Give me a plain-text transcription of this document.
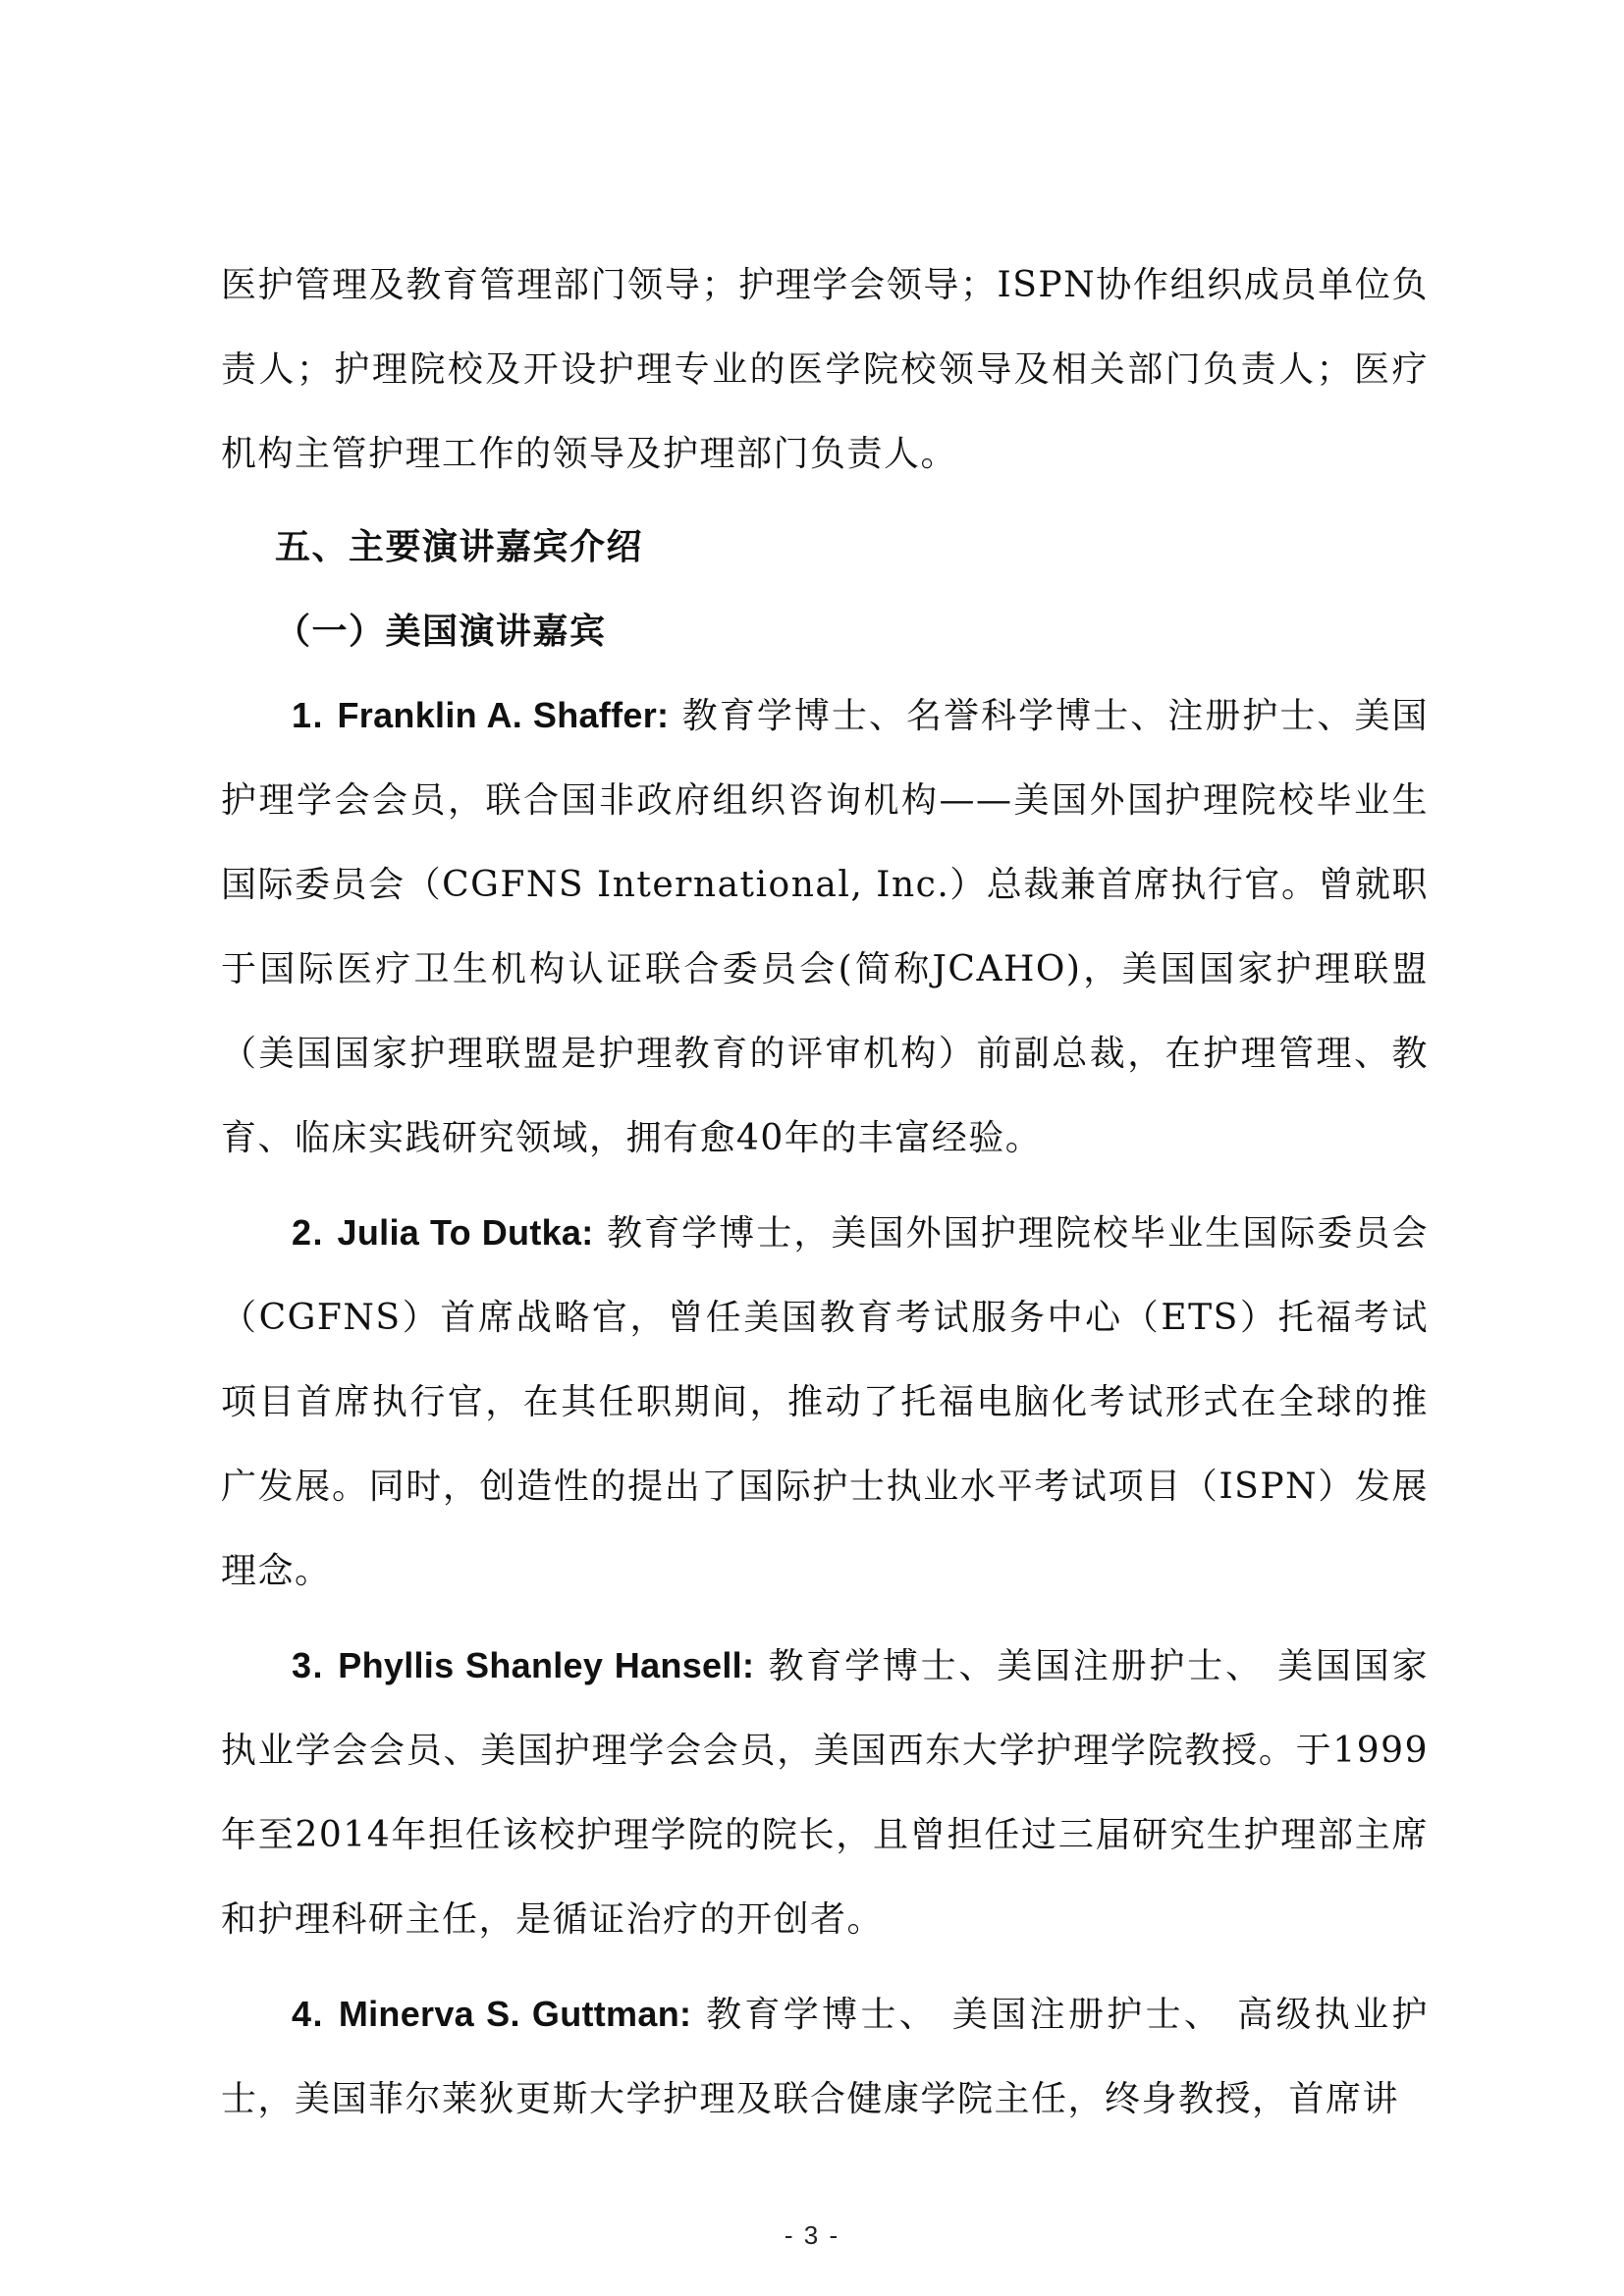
医护管理及教育管理部门领导；护理学会领导；ISPN协作组织成员单位负责人；护理院校及开设护理专业的医学院校领导及相关部门负责人；医疗机构主管护理工作的领导及护理部门负责人。

五、主要演讲嘉宾介绍

（一）美国演讲嘉宾

1. Franklin A. Shaffer: 教育学博士、名誉科学博士、注册护士、美国护理学会会员，联合国非政府组织咨询机构——美国外国护理院校毕业生国际委员会（CGFNS International, Inc.）总裁兼首席执行官。曾就职于国际医疗卫生机构认证联合委员会(简称JCAHO)，美国国家护理联盟（美国国家护理联盟是护理教育的评审机构）前副总裁，在护理管理、教育、临床实践研究领域，拥有愈40年的丰富经验。

2. Julia To Dutka: 教育学博士，美国外国护理院校毕业生国际委员会（CGFNS）首席战略官，曾任美国教育考试服务中心（ETS）托福考试项目首席执行官，在其任职期间，推动了托福电脑化考试形式在全球的推广发展。同时，创造性的提出了国际护士执业水平考试项目（ISPN）发展理念。

3. Phyllis Shanley Hansell: 教育学博士、美国注册护士、 美国国家执业学会会员、美国护理学会会员，美国西东大学护理学院教授。于1999年至2014年担任该校护理学院的院长，且曾担任过三届研究生护理部主席和护理科研主任，是循证治疗的开创者。

4. Minerva S. Guttman: 教育学博士、 美国注册护士、 高级执业护士，美国菲尔莱狄更斯大学护理及联合健康学院主任，终身教授，首席讲

- 3 -
